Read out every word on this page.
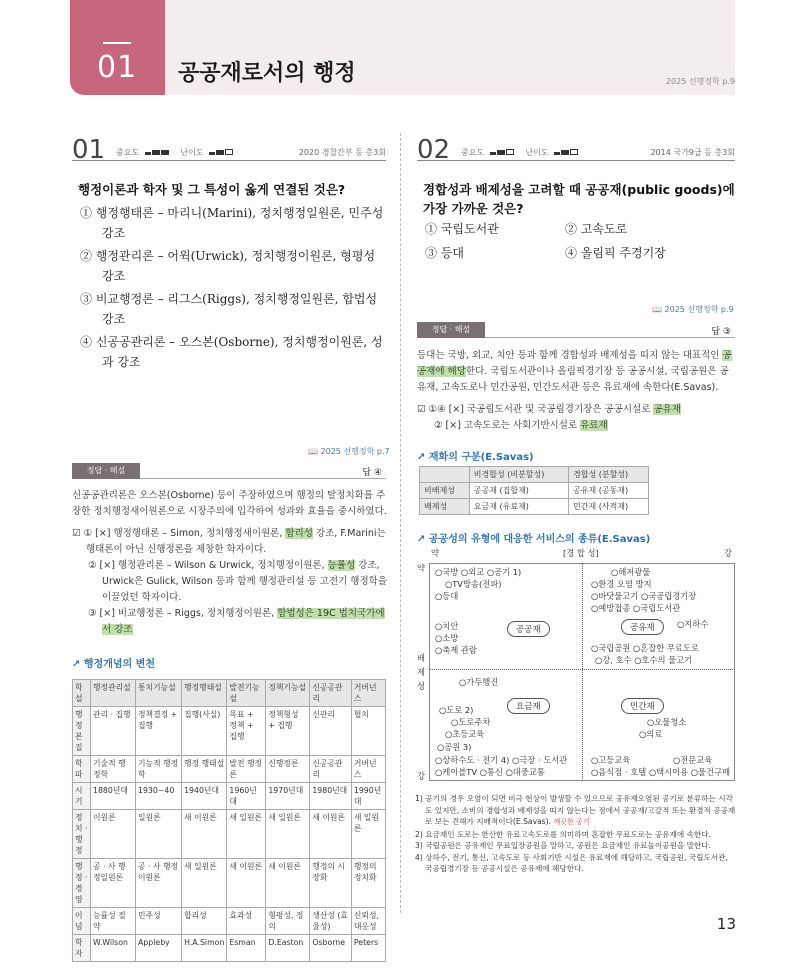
01 공공재로서의 행정	2025 선행정학 p.9
01 중요도	난이도	2020 경찰간부 등 총3회
행정이론과 학자 및 그 특성이 옳게 연결된 것은?
① 행정행태론 – 마리니(Marini), 정치행정일원론, 민주성 강조
② 행정관리론 – 어윅(Urwick), 정치행정이원론, 형평성 강조
③ 비교행정론 – 리그스(Riggs), 정치행정일원론, 합법성 강조
④ 신공공관리론 – 오스본(Osborne), 정치행정이원론, 성과 강조
📖 2025 선행정학 p.7
정답 · 해설	답 ④
신공공관리론은 오스본(Osborne) 등이 주장하였으며 행정의 탈정치화를 주장한 정치행정새이원론으로 시장주의에 입각하여 성과와 효율을 중시하였다.
☑ ① [×] 행정행태론 – Simon, 정치행정새이원론, 합리성 강조, F.Marini는 행태론이 아닌 신행정론을 제창한 학자이다.
② [×] 행정관리론 – Wilson & Urwick, 정치행정이원론, 능률성 강조, Urwick은 Gulick, Wilson 등과 함께 행정관리설 등 고전기 행정학을 이끌었던 학자이다.
③ [×] 비교행정론 – Riggs, 정치행정이원론, 합법성은 19C 법치국가에서 강조
↗ 행정개념의 변천
학설	행정관리설	통치기능설	행정행태설	발전기능설	정책기능설	신공공관리	거버넌스
행정 본질	관리 · 집행	정책결정 + 집행	집행(사실)	목표 + 정책 + 집행	정책형성 + 집행	신관리	협치
학파	기술적 행정학	기능적 행정학	행정 행태설	발전 행정론	신행정론	신공공관리	거버넌스
시기	1880년대	1930~40	1940년대	1960년대	1970년대	1980년대	1990년대
정치 · 행정	이원론	일원론	새 이원론	새 일원론	새 일원론	새 이원론	새 일원론
행정 · 경영	공 · 사 행정일원론	공 · 사 행정이원론	새 일원론	새 이원론	새 이원론	행정의 시장화	행정의 정치화
이념	능률성 절약	민주성	합리성	효과성	형평성, 정의	생산성 (효율성)	신뢰성, 대응성
학자	W.Wilson	Appleby	H.A.Simon	Esman	D.Easton	Osborne	Peters
02 중요도	난이도	2014 국가9급 등 총3회
경합성과 배제성을 고려할 때 공공재(public goods)에 가장 가까운 것은?
① 국립도서관	② 고속도로
③ 등대	④ 올림픽 주경기장
📖 2025 선행정학 p.9
정답 · 해설	답 ③
등대는 국방, 외교, 치안 등과 함께 경합성과 배제성을 띠지 않는 대표적인 공공재에 해당한다. 국립도서관이나 올림픽경기장 등 공공시설, 국립공원은 공유재, 고속도로나 민간공원, 민간도서관 등은 유료재에 속한다(E.Savas).
☑ ①④ [×] 국공립도서관 및 국공립경기장은 공공시설로 공유재
② [×] 고속도로는 사회기반시설로 유료재
↗ 재화의 구분(E.Savas)
	비경합성 (비분할성)	경합성 (분할성)
비배제성	공공재 (집합재)	공유재 (공동재)
배제성	요금재 (유료재)	민간재 (사적재)
↗ 공공성의 유형에 대응한 서비스의 종류(E.Savas)
약	[경 합 성]	강
약
배제성
강
○국방 ○외교 ○공기 1)
○TV방송(전파)
○등대
○치안
○소방
○축제 관람
공공재
○해저광물
○환경 오염 방지
○바닷물고기 ○국공립경기장
○예방접종 ○국립도서관
○지하수
○국립공원 ○혼잡한 무료도로
○강, 호수 ○호수의 물고기
공유재
○가두행진
○도로 2)
○도로주차
○초등교육
○공원 3)
○상하수도 · 전기 4) ○극장 · 도서관
○케이블TV ○통신 ○대중교통
요금재
○오물청소
○의료
○고등교육	○전문교육
○음식점 · 호텔 ○택시이용 ○물건구매
민간재
1) 공기의 경우 오염이 되면 비극 현상이 발생할 수 있으므로 공유재오염된 공기로 분류하는 시각도 있지만, 소비의 경합성과 배제성을 띠지 않는다는 점에서 공공재/고갈적 또는 환경적 공공재로 보는 견해가 지배적이다(E.Savas). 깨끗한 공기
2) 요금재인 도로는 한산한 유료고속도로를 의미하며 혼잡한 무료도로는 공유재에 속한다.
3) 국립공원은 공유재인 무료입장공원을 말하고, 공원은 요금재인 유료놀이공원을 말한다.
4) 상하수, 전기, 통신, 고속도로 등 사회기반 시설은 유료재에 해당하고, 국립공원, 국립도서관, 국공립경기장 등 공공시설은 공유재에 해당한다.
13
